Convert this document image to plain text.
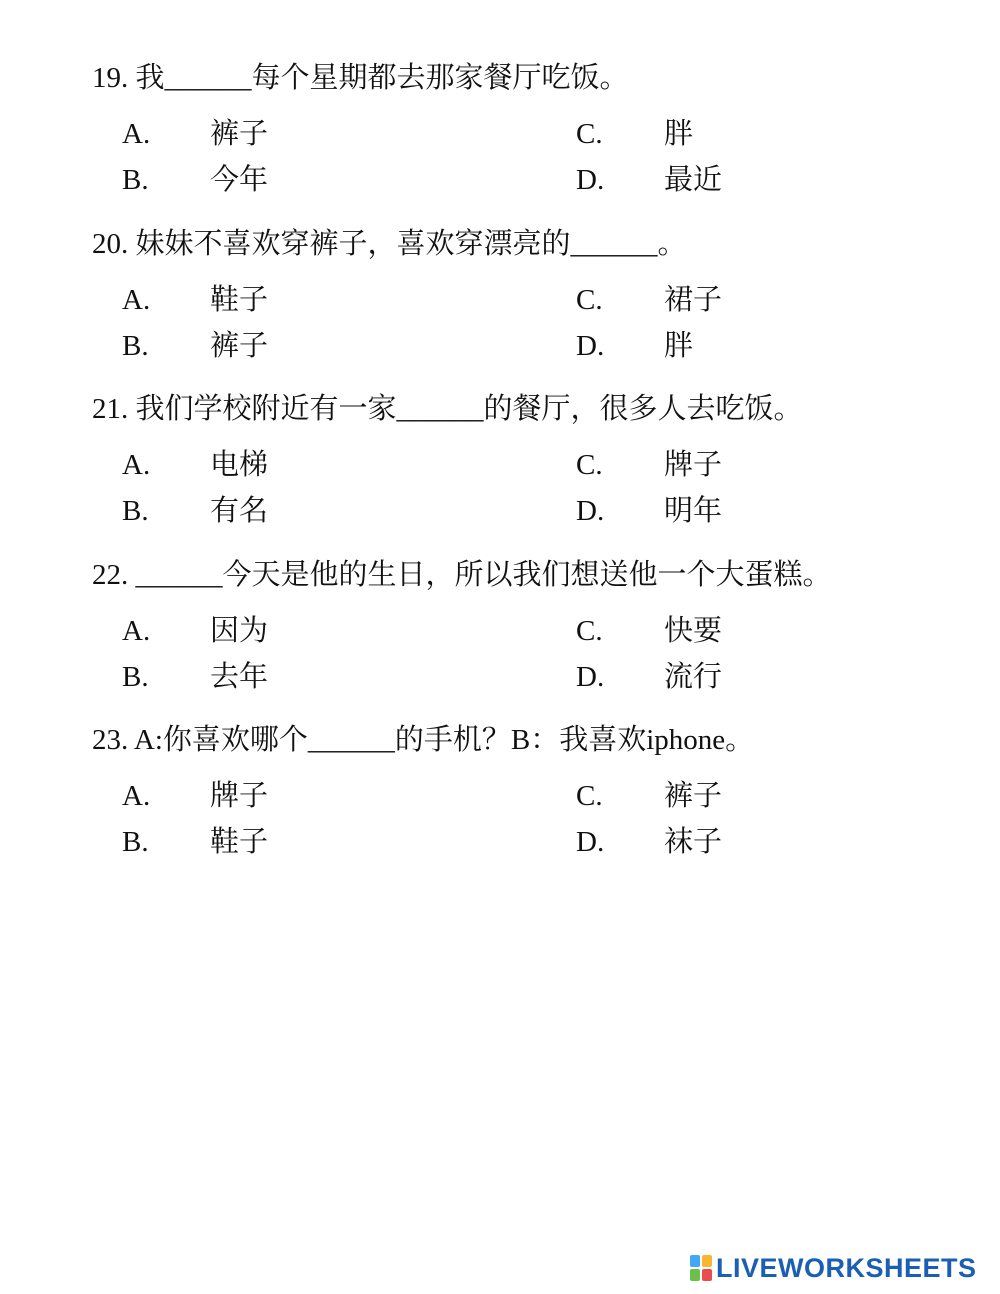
19. 我______每个星期都去那家餐厅吃饭。

A. 裤子
B. 今年
C. 胖
D. 最近

20. 妹妹不喜欢穿裤子，喜欢穿漂亮的______。

A. 鞋子
B. 裤子
C. 裙子
D. 胖

21. 我们学校附近有一家______的餐厅，很多人去吃饭。

A. 电梯
B. 有名
C. 牌子
D. 明年

22. ______今天是他的生日，所以我们想送他一个大蛋糕。

A. 因为
B. 去年
C. 快要
D. 流行

23. A:你喜欢哪个______的手机？B：我喜欢iphone。

A. 牌子
B. 鞋子
C. 裤子
D. 袜子
LIVEWORKSHEETS
